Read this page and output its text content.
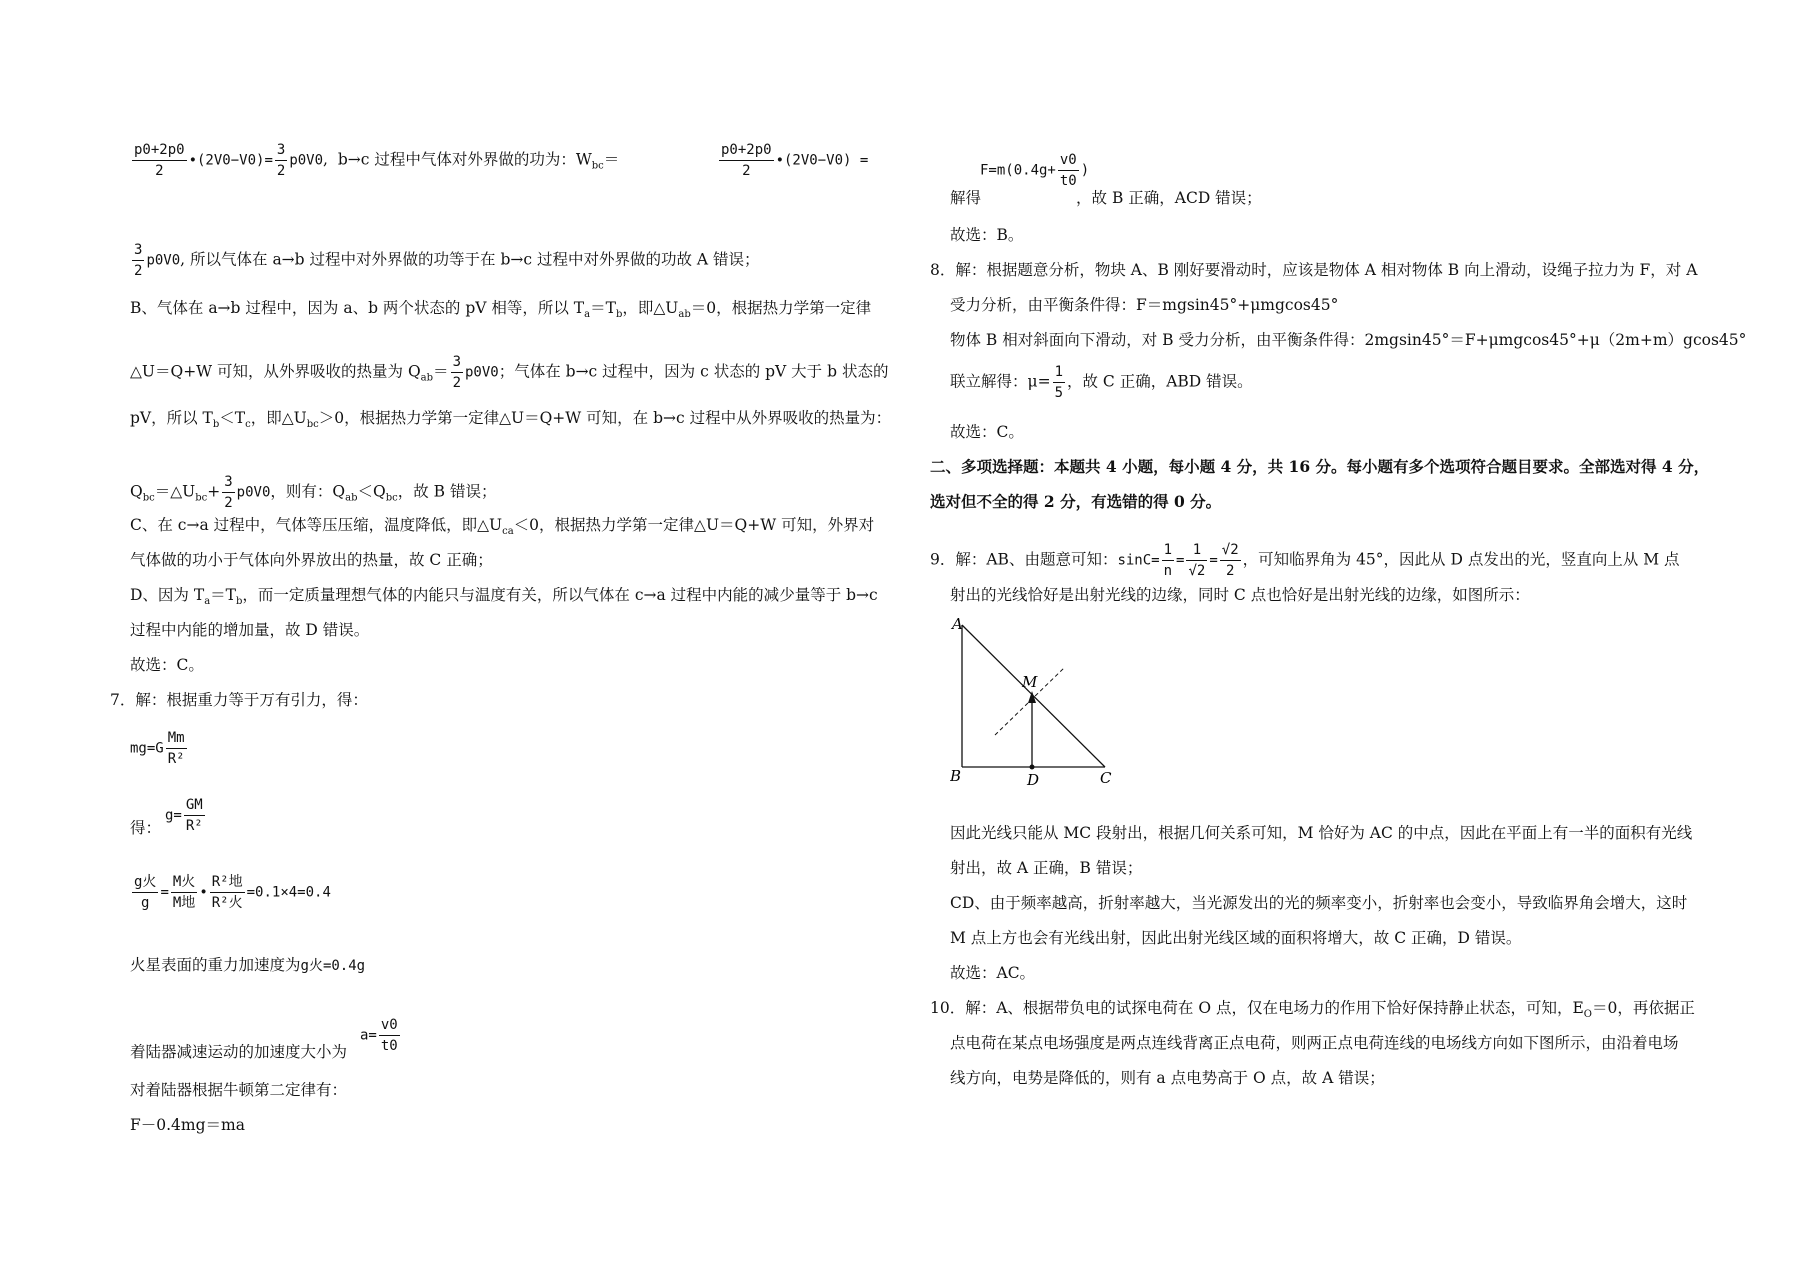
$\frac{p0+2p0}{2}$ •(2V0−V0)= $\frac{3}{2} p0V0$,  b→c 过程中气体对外界做的功为：$W_{bc}=$	$\frac{p0+2p0}{2}$ •(2V0−V0) =
$\frac{3}{2} p0V0$, 所以气体在 a→b 过程中对外界做的功等于在 b→c 过程中对外界做的功故 A 错误；
B、气体在 a→b 过程中，因为 a、b 两个状态的 pV 相等，所以 $T_a=T_b$，即$\triangle U_{ab}=0$，根据热力学第一定律
△U＝Q+W 可知，从外界吸收的热量为 $Q_{ab}= \frac{3}{2} p0V0$；气体在 b→c 过程中，因为 c 状态的 pV 大于 b 状态的
pV，所以 $T_b<T_c$，即$\triangle U_{bc}>0$，根据热力学第一定律△U＝Q+W 可知，在 b→c 过程中从外界吸收的热量为：
$Q_{bc}=\triangle U_{bc}+ \frac{3}{2} p0V0$，则有：$Q_{ab}<Q_{bc}$，故 B 错误；
C、在 c→a 过程中，气体等压压缩，温度降低，即$\triangle U_{ca}<0$，根据热力学第一定律△U＝Q+W 可知，外界对
气体做的功小于气体向外界放出的热量，故 C 正确；
D、因为 $T_a=T_b$，而一定质量理想气体的内能只与温度有关，所以气体在 c→a 过程中内能的减少量等于 b→c
过程中内能的增加量，故 D 错误。
故选：C。
7．解：根据重力等于万有引力，得：
$mg=G \frac{Mm}{\text{R²}}$
$g= \frac{GM}{\text{R²}}$
得：
$\frac{\text{g火}}{g} = \frac{\text{M火}}{\text{M地}}$ • $\frac{\text{R²地}}{\text{R²火}} =0.1\times 4=0.4$
火星表面的重力加速度为g火=0.4g
$a= \frac{v0}{t0}$
着陆器减速运动的加速度大小为
对着陆器根据牛顿第二定律有：
F－0.4mg＝ma
$F=m(0.4g+ \frac{v0}{t0}$ )
解得	，故 B 正确，ACD 错误；
故选：B。
8．解：根据题意分析，物块 A、B 刚好要滑动时，应该是物体 A 相对物体 B 向上滑动，设绳子拉力为 F，对 A
受力分析，由平衡条件得：F＝mgsin45°+μmgcos45°
物体 B 相对斜面向下滑动，对 B 受力分析，由平衡条件得：2mgsin45°＝F+μmgcos45°+μ（2m+m）gcos45°
联立解得：$\mu= \frac{1}{5}$ ，故 C 正确，ABD 错误。
故选：C。
二、多项选择题：本题共 4 小题，每小题 4 分，共 16 分。每小题有多个选项符合题目要求。全部选对得 4 分，
选对但不全的得 2 分，有选错的得 0 分。
9．解：AB、由题意可知：$\sin C= \frac{1}{n} = \frac{1}{√2} = \frac{√2}{2}$ ，可知临界角为 45°，因此从 D 点发出的光，竖直向上从 M 点
射出的光线恰好是出射光线的边缘，同时 C 点也恰好是出射光线的边缘，如图所示：
A
B	C
D
M
因此光线只能从 MC 段射出，根据几何关系可知，M 恰好为 AC 的中点，因此在平面上有一半的面积有光线
射出，故 A 正确，B 错误；
CD、由于频率越高，折射率越大，当光源发出的光的频率变小，折射率也会变小，导致临界角会增大，这时
M 点上方也会有光线出射，因此出射光线区域的面积将增大，故 C 正确，D 错误。
故选：AC。
10．解：A、根据带负电的试探电荷在 O 点，仅在电场力的作用下恰好保持静止状态，可知，$E_O=0$，再依据正
点电荷在某点电场强度是两点连线背离正点电荷，则两正点电荷连线的电场线方向如下图所示，由沿着电场
线方向，电势是降低的，则有 a 点电势高于 O 点，故 A 错误；
